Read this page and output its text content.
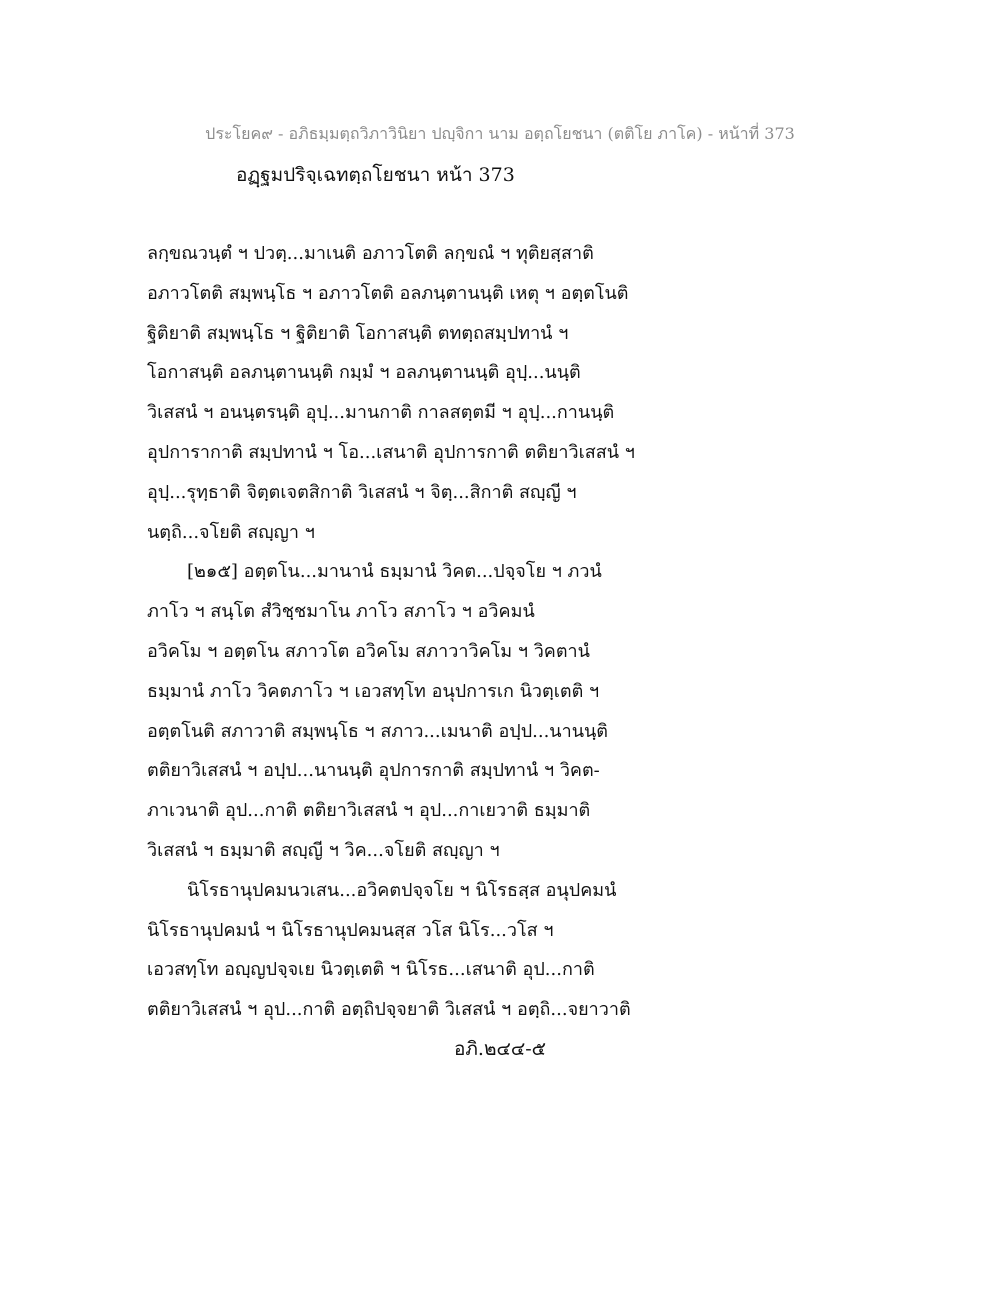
ประโยค๙ - อภิธมฺมตฺถวิภาวินิยา ปญฺจิกา นาม อตฺถโยชนา (ตติโย ภาโค) - หน้าที่ 373
อฏฺฐมปริจฺเฉทตฺถโยชนา หน้า 373
ลกฺขณวนฺตํ ฯ ปวตฺ...มาเนติ อภาวโตติ ลกฺขณํ ฯ ทุติยสฺสาติ
อภาวโตติ สมฺพนฺโธ ฯ อภาวโตติ อลภนฺตานนฺติ เหตุ ฯ อตฺตโนติ
ฐิติยาติ สมฺพนฺโธ ฯ ฐิติยาติ โอกาสนฺติ ตทตฺถสมฺปทานํ ฯ
โอกาสนฺติ อลภนฺตานนฺติ กมฺมํ ฯ อลภนฺตานนฺติ อุปฺ...นนฺติ
วิเสสนํ ฯ อนนฺตรนฺติ อุปฺ...มานกาติ กาลสตฺตมี ฯ อุปฺ...กานนฺติ
อุปการากาติ สมฺปทานํ ฯ โอ...เสนาติ อุปการกาติ ตติยาวิเสสนํ ฯ
อุปฺ...รุทฺธาติ จิตฺตเจตสิกาติ วิเสสนํ ฯ จิตฺ...สิกาติ สญฺญี ฯ
นตฺถิ...จโยติ สญฺญา ฯ
[๒๑๕] อตฺตโน...มานานํ ธมฺมานํ วิคต...ปจฺจโย ฯ ภวนํ
ภาโว ฯ สนฺโต สํวิชฺชมาโน ภาโว สภาโว ฯ อวิคมนํ
อวิคโม ฯ อตฺตโน สภาวโต อวิคโม สภาวาวิคโม ฯ วิคตานํ
ธมฺมานํ ภาโว วิคตภาโว ฯ เอวสทฺโท อนุปการเก นิวตฺเตติ ฯ
อตฺตโนติ สภาวาติ สมฺพนฺโธ ฯ สภาว...เมนาติ อปฺป...นานนฺติ
ตติยาวิเสสนํ ฯ อปฺป...นานนฺติ อุปการกาติ สมฺปทานํ ฯ วิคต-
ภาเวนาติ อุป...กาติ ตติยาวิเสสนํ ฯ อุป...กาเยวาติ ธมฺมาติ
วิเสสนํ ฯ ธมฺมาติ สญฺญี ฯ วิค...จโยติ สญฺญา ฯ
นิโรธานุปคมนวเสน...อวิคตปจฺจโย ฯ นิโรธสฺส อนุปคมนํ
นิโรธานุปคมนํ ฯ นิโรธานุปคมนสฺส วโส นิโร...วโส ฯ
เอวสทฺโท อญฺญปจฺจเย นิวตฺเตติ ฯ นิโรธ...เสนาติ อุป...กาติ
ตติยาวิเสสนํ ฯ อุป...กาติ อตฺถิปจฺจยาติ วิเสสนํ ฯ อตฺถิ...จยาวาติ
อภิ.๒๔๔-๕
